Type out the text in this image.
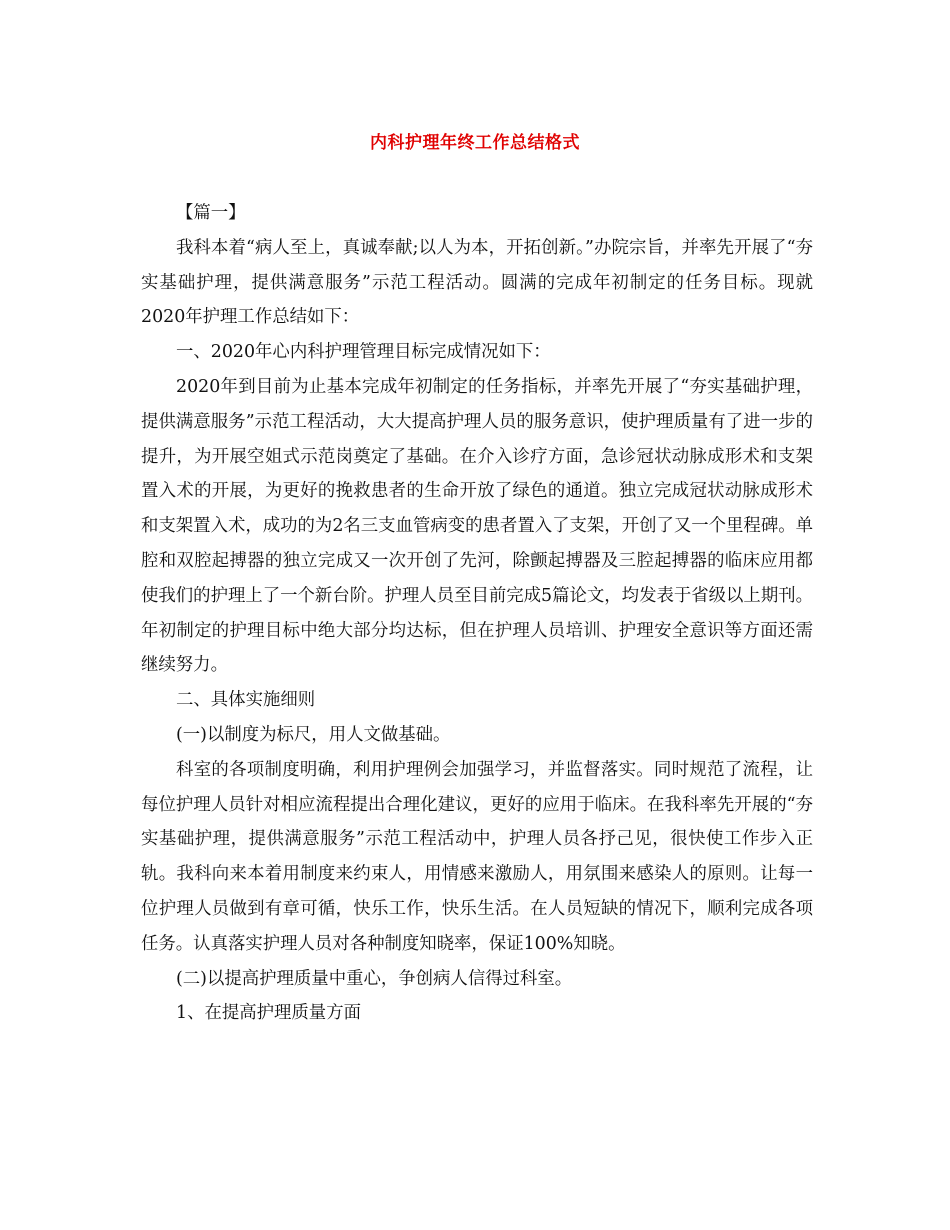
内科护理年终工作总结格式

【篇一】

我科本着“病人至上，真诚奉献;以人为本，开拓创新。”办院宗旨，并率先开展了“夯实基础护理，提供满意服务”示范工程活动。圆满的完成年初制定的任务目标。现就2020年护理工作总结如下：

一、2020年心内科护理管理目标完成情况如下：

2020年到目前为止基本完成年初制定的任务指标，并率先开展了“夯实基础护理，提供满意服务”示范工程活动，大大提高护理人员的服务意识，使护理质量有了进一步的提升，为开展空姐式示范岗奠定了基础。在介入诊疗方面，急诊冠状动脉成形术和支架置入术的开展，为更好的挽救患者的生命开放了绿色的通道。独立完成冠状动脉成形术和支架置入术，成功的为2名三支血管病变的患者置入了支架，开创了又一个里程碑。单腔和双腔起搏器的独立完成又一次开创了先河，除颤起搏器及三腔起搏器的临床应用都使我们的护理上了一个新台阶。护理人员至目前完成5篇论文，均发表于省级以上期刊。年初制定的护理目标中绝大部分均达标，但在护理人员培训、护理安全意识等方面还需继续努力。

二、具体实施细则

(一)以制度为标尺，用人文做基础。

科室的各项制度明确，利用护理例会加强学习，并监督落实。同时规范了流程，让每位护理人员针对相应流程提出合理化建议，更好的应用于临床。在我科率先开展的“夯实基础护理，提供满意服务”示范工程活动中，护理人员各抒己见，很快使工作步入正轨。我科向来本着用制度来约束人，用情感来激励人，用氛围来感染人的原则。让每一位护理人员做到有章可循，快乐工作，快乐生活。在人员短缺的情况下，顺利完成各项任务。认真落实护理人员对各种制度知晓率，保证100%知晓。

(二)以提高护理质量中重心，争创病人信得过科室。

1、在提高护理质量方面
